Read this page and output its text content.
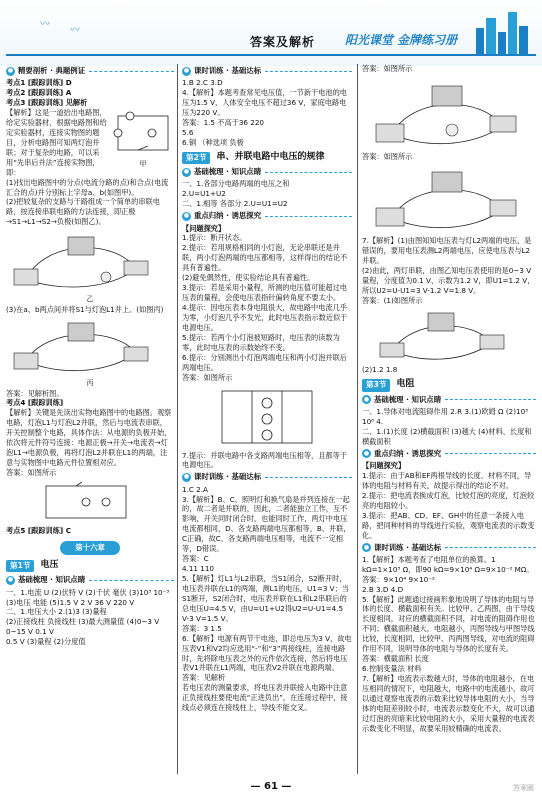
〰
〰
答案及解析 阳光课堂 金牌练习册
● 精要剖析 · 典题例证

考点1 [跟踪训练] D

考点2 [跟踪训练] A

考点3 [跟踪训练] 见解析

【解析】这是一道拾出电路图，给定实验器材，根据电路图和给定实验器材，连接实物图的题目，分析电路图可知两灯泡并联；对于复杂的电路，可以采用“先串后并法”连接实物图，即：

甲

(1)找出电路图中的分点(电流分路的点)和合点(电流汇合的点)并分别标上字母a、b(如图甲)。

(2)把较复杂的支路与干路组成一个简单的串联电路，按连接串联电路的方法连接，即正极→S1→L1→S2→负极(如图乙)。

乙

(3)在a、b两点间并将S1与灯泡L1并上。(如图丙)

丙

答案：见解析图。

考点4 [跟踪训练]

【解析】关键是先读出实物电路图中的电路图。观察电路，灯泡L1与灯泡L2并联，然后与电流表串联，开关控制整个电路，具体作法：从电源的负极开始，依次将元件符号连接：电源正极→开关→电流表→灯泡L1→电源负极，再将灯泡L2并联在L1的两端，注意与实物图中电路元件位置相对应。

答案：如图所示

考点5 [跟踪训练] C

第十六章
第1节	电压
● 基础梳理 · 知识点睛

一、1.电流 U (2)伏特 V (2)千伏 毫伏 (3)10³ 10⁻³ (3)电压 电能 (5)1.5 V 2 V 36 V 220 V

二、1.电压大小 2.(1)3 (3)量程

(2)正接线柱 负接线柱 (3)最大测量值 (4)0~3 V 0~15 V 0.1 V

0.5 V (3)量程 (2)分度值

● 课时训练 · 基础达标

1.B 2.C 3.D

4.【解析】本题考查常见电压值，一节新干电池的电压为1.5 V，人体安全电压不超过36 V，家庭电路电压为220 V。

答案：1.5 不高于36 220

5.6

6.铜 （种选项 负极

第2节	串、并联电路中电压的规律
● 基础梳理 · 知识点睛

一、1.各部分电路两端的电压之和

2.U=U1+U2

二、1.相等 各部分 2.U=U1=U2

● 重点归纳 · 诱思探究

【问题探究】

1.提示：断开状态。

2.提示：若用规格相同的小灯泡，无论串联还是并联，两小灯泡两端的电压都相等，这样得出的结论不具有普遍性。

(2)避免偶然性，使实验结论具有普遍性。

3.提示：若是采用小量程，所测的电压值可能超过电压表的量程，会使电压表指针偏转角度不要太小。

4.提示：因电压表本身电阻很大，故电路中电流几乎为零，小灯泡几乎不发光，此时电压表指示数近似于电源电压。

5.提示：若两个小灯泡被短路时，电压表的读数为零，此时电压表的示数始终不变。

6.提示：分别测出小灯泡两端电压和两小灯泡并联后两端电压。

答案：如图所示

7.提示：并联电路中各支路两端电压相等，且都等于电源电压。

● 课时训练 · 基础达标

1.C 2.A

3.【解析】B、C、照明灯和换气扇是并列连接在一起的，故二者是并联的，因此，二者能独立工作，互不影响，开关同时闭合时，也能同时工作，两灯中电压电流都相同，D、各支路两端电压都相等，B、并联，C正确，故C、各支路两端电压相等，电流不一定相等，D错误。

答案：C

4.11 110

5.【解析】灯L1与L2串联，当S1闭合，S2断开时，电压表并联在L1的两端，测L1的电压，U1=3 V；当S1断开，S2闭合时，电压表并联在L1和L2串联后的总电压U=4.5 V，由U=U1+U2得U2=U-U1=4.5 V-3 V=1.5 V。

答案：3 1.5

6.【解析】电源有两节干电池，即总电压为3 V，故电压表V1和V2均应选用“-”和“3”两接线柱，连接电路时，先将除电压表之外的元件依次连接，然后将电压表V1并联在L1两端，电压表V2并联在电源两端。

答案：见解析

若电压表的测量要求，将电压表并联接入电路中注意正负接线柱要使电流“正进负出”，在连接过程中，接线点必须连在接线柱上，导线不能交叉。

答案：如图所示

答案：如图所示

7.【解析】(1)由图知知电压表与灯L2两端的电压，是错误的，要用电压表测L2两端电压，应使电压表与L2并联。

(2)由此，两灯串联，由图乙知电压表使用的是0~3 V量程，分度值为0.1 V，示数为1.2 V，即U1=1.2 V，所以U2=U-U1=3 V-1.2 V=1.8 V。

答案：(1)如图所示

(2)1.2 1.8

第3节	电阻
● 基础梳理 · 知识点睛

一、1.导体对电流阻碍作用 2.R 3.(1)欧姆 Ω (2)10³ 10⁶ 4.

二、1.(1)长度 (2)横截面积 (3)越大 (4)材料、长度和横截面积

● 重点归纳 · 诱思探究

【问题探究】

1.提示：由于AB和EF两根导线的长度、材料不同，导体的电阻与材料有关，故提示得出的结论不对。

2.提示：把电流表换成灯泡，比较灯泡的亮度，灯泡较亮的电阻较小。

3.提示：把AB、CD、EF、GH中的任意一条接入电路，把同种材料的导线进行实验，观察电流表的示数变化。

● 课时训练 · 基础达标

1.【解析】本题考查了电阻单位的换算。1 kΩ=1×10³ Ω，即90 kΩ=9×10⁴ Ω=9×10⁻² MΩ。

答案：9×10⁴ 9×10⁻²

2.B 3.D 4.D

5.【解析】此题通过接画形象地说明了导体的电阻与导体的长度、横截面积有关。比较甲、乙两图，由于导线长度相同，对应的横截面积不同，对电流的阻碍作用也不同；横截面积越大，电阻越小，丙图导线与甲图导线比较，长度相同，比较甲、丙两图导线，对电流的阻碍作用不同，说明导体的电阻与导体的长度有关。

答案：横截面积 长度

6.控制变量法 材料

7.【解析】电流表示数越大时，导体的电阻越小，在电压相同的情况下，电阻越大，电路中的电流越小，故可以通过观察电流表的示数来比较导体电阻的大小，当导体的电阻差别较小时，电流表示数变化不大，故可以通过灯泡的亮暗来比较电阻的大小，采用大量程的电流表示数变化不明显，故要采用较精确的电流表。

— 61 —	答案圈
